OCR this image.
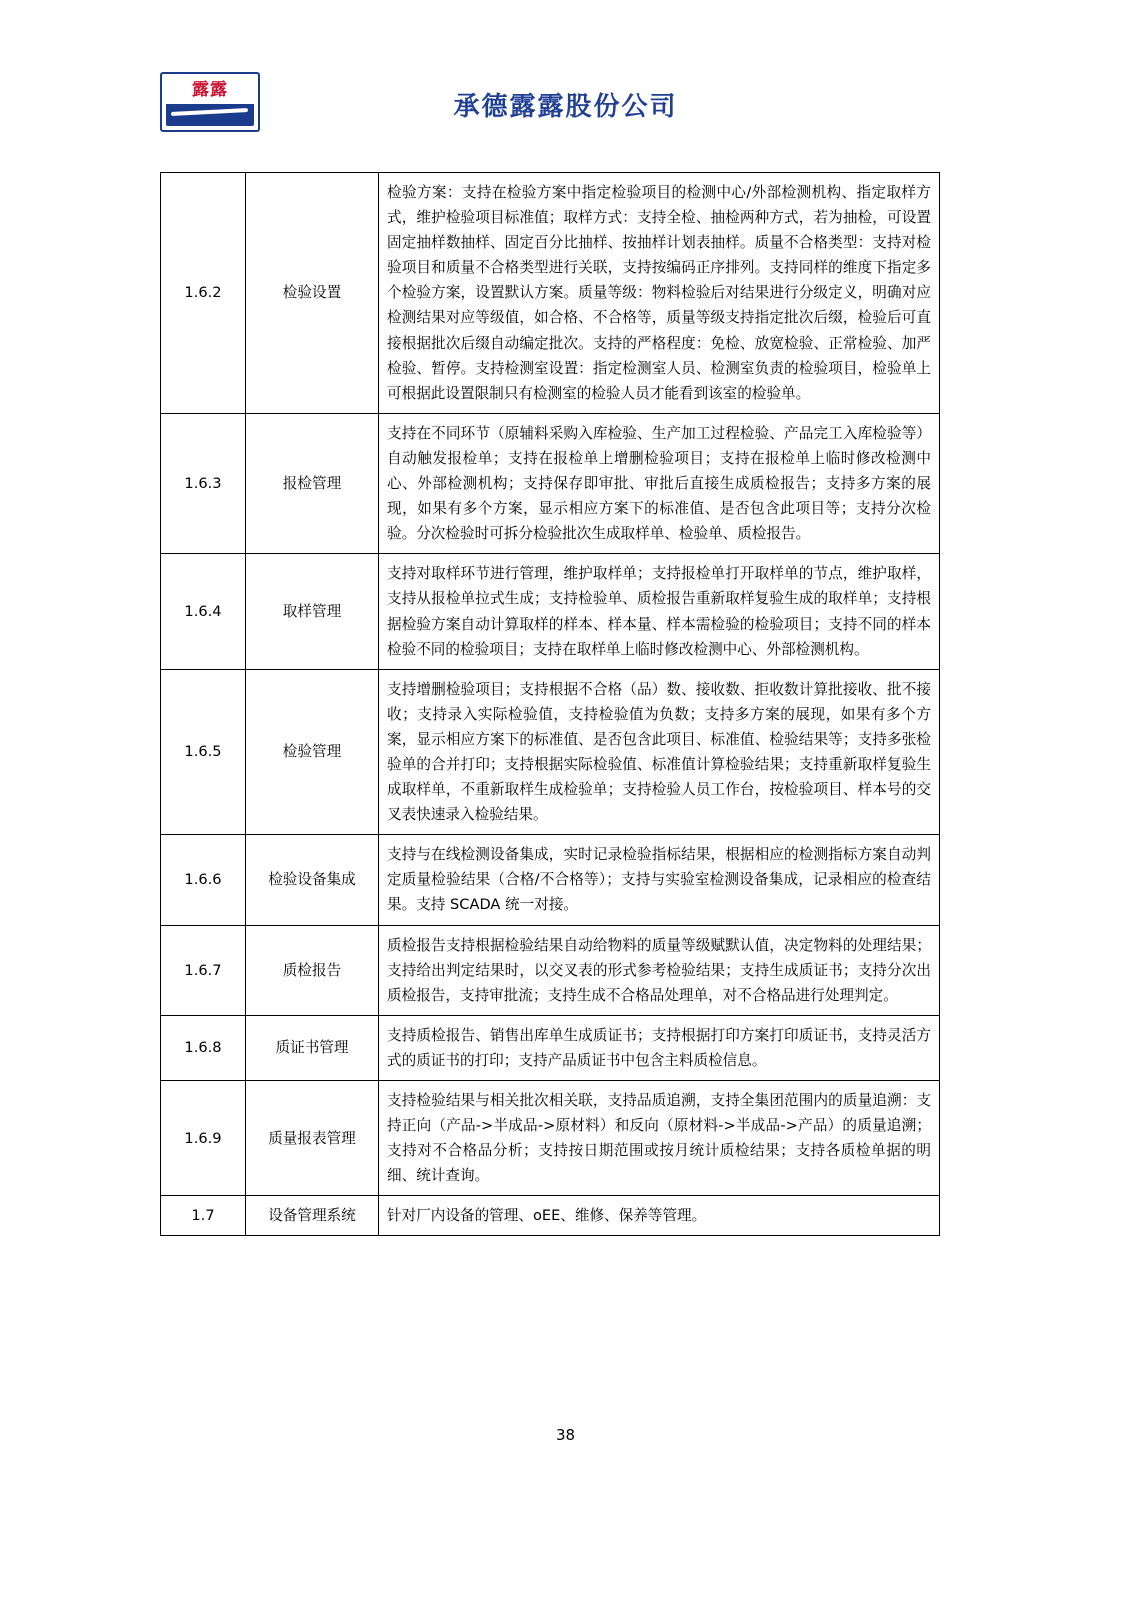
露露
承德露露股份公司
1.6.2	检验设置	检验方案：支持在检验方案中指定检验项目的检测中心/外部检测机构、指定取样方式，维护检验项目标准值；取样方式：支持全检、抽检两种方式，若为抽检，可设置固定抽样数抽样、固定百分比抽样、按抽样计划表抽样。质量不合格类型：支持对检验项目和质量不合格类型进行关联，支持按编码正序排列。支持同样的维度下指定多个检验方案，设置默认方案。质量等级：物料检验后对结果进行分级定义，明确对应检测结果对应等级值，如合格、不合格等，质量等级支持指定批次后缀，检验后可直接根据批次后缀自动编定批次。支持的严格程度：免检、放宽检验、正常检验、加严检验、暂停。支持检测室设置：指定检测室人员、检测室负责的检验项目，检验单上可根据此设置限制只有检测室的检验人员才能看到该室的检验单。
1.6.3	报检管理	支持在不同环节（原辅料采购入库检验、生产加工过程检验、产品完工入库检验等）自动触发报检单；支持在报检单上增删检验项目；支持在报检单上临时修改检测中心、外部检测机构；支持保存即审批、审批后直接生成质检报告；支持多方案的展现，如果有多个方案，显示相应方案下的标准值、是否包含此项目等；支持分次检验。分次检验时可拆分检验批次生成取样单、检验单、质检报告。
1.6.4	取样管理	支持对取样环节进行管理，维护取样单；支持报检单打开取样单的节点，维护取样，支持从报检单拉式生成；支持检验单、质检报告重新取样复验生成的取样单；支持根据检验方案自动计算取样的样本、样本量、样本需检验的检验项目；支持不同的样本检验不同的检验项目；支持在取样单上临时修改检测中心、外部检测机构。
1.6.5	检验管理	支持增删检验项目；支持根据不合格（品）数、接收数、拒收数计算批接收、批不接收；支持录入实际检验值，支持检验值为负数；支持多方案的展现，如果有多个方案，显示相应方案下的标准值、是否包含此项目、标准值、检验结果等；支持多张检验单的合并打印；支持根据实际检验值、标准值计算检验结果；支持重新取样复验生成取样单，不重新取样生成检验单；支持检验人员工作台，按检验项目、样本号的交叉表快速录入检验结果。
1.6.6	检验设备集成	支持与在线检测设备集成，实时记录检验指标结果，根据相应的检测指标方案自动判定质量检验结果（合格/不合格等）；支持与实验室检测设备集成，记录相应的检查结果。支持 SCADA 统一对接。
1.6.7	质检报告	质检报告支持根据检验结果自动给物料的质量等级赋默认值，决定物料的处理结果；支持给出判定结果时，以交叉表的形式参考检验结果；支持生成质证书；支持分次出质检报告，支持审批流；支持生成不合格品处理单，对不合格品进行处理判定。
1.6.8	质证书管理	支持质检报告、销售出库单生成质证书；支持根据打印方案打印质证书，支持灵活方式的质证书的打印；支持产品质证书中包含主料质检信息。
1.6.9	质量报表管理	支持检验结果与相关批次相关联，支持品质追溯，支持全集团范围内的质量追溯：支持正向（产品->半成品->原材料）和反向（原材料->半成品->产品）的质量追溯；支持对不合格品分析；支持按日期范围或按月统计质检结果；支持各质检单据的明细、统计查询。
1.7	设备管理系统	针对厂内设备的管理、oEE、维修、保养等管理。
38
